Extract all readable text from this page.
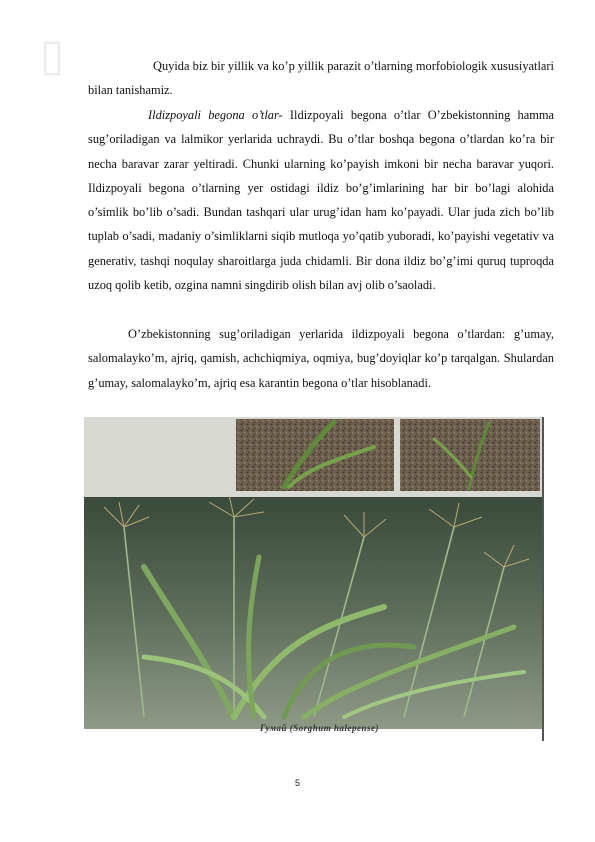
▯	Quyida biz bir yillik va ko’p yillik parazit o’tlarning morfobiologik xususiyatlari bilan tanishamiz.

Ildizpoyali begona o’tlar- Ildizpoyali begona o’tlar O’zbekistonning hamma sug’oriladigan va lalmikor yerlarida uchraydi. Bu o’tlar boshqa begona o’tlardan ko’ra bir necha baravar zarar yeltiradi. Chunki ularning ko’payish imkoni bir necha baravar yuqori. Ildizpoyali begona o’tlarning yer ostidagi ildiz bo’g’imlarining har bir bo’lagi alohida o’simlik bo’lib o’sadi. Bundan tashqari ular urug’idan ham ko’payadi. Ular juda zich bo’lib tuplab o’sadi, madaniy o’simliklarni siqib mutloqa yo’qatib yuboradi, ko’payishi vegetativ va generativ, tashqi noqulay sharoitlarga juda chidamli. Bir dona ildiz bo’g’imi quruq tuproqda uzoq qolib ketib, ozgina namni singdirib olish bilan avj olib o’saoladi.

O’zbekistonning sug’oriladigan yerlarida ildizpoyali begona o’tlardan: g’umay, salomalayko’m, ajriq, qamish, achchiqmiya, oqmiya, bug’doyiqlar ko’p tarqalgan. Shulardan g’umay, salomalayko’m, ajriq esa karantin begona o’tlar hisoblanadi.

Гумай (Sorghum halepense)
5
